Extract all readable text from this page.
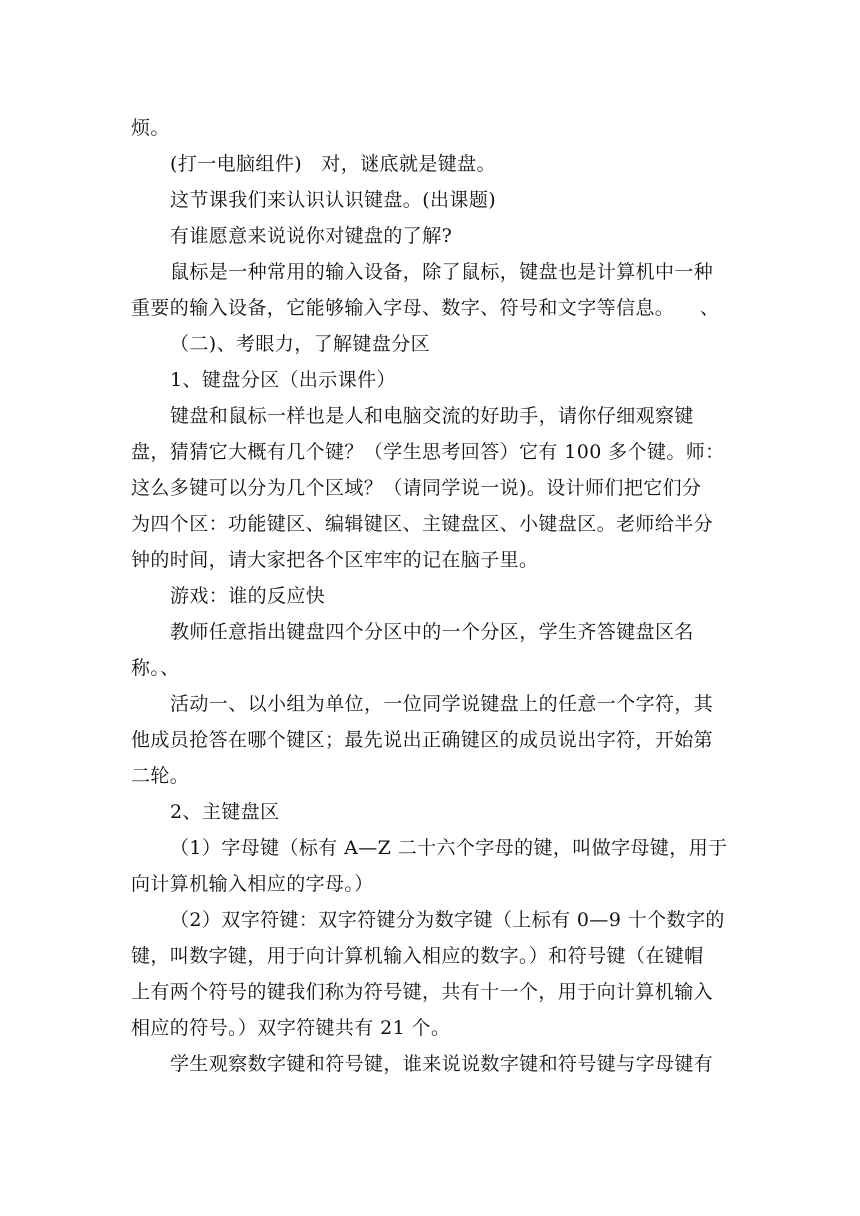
烦。
(打一电脑组件)   对，谜底就是键盘。
这节课我们来认识认识键盘。(出课题)
有谁愿意来说说你对键盘的了解?
鼠标是一种常用的输入设备，除了鼠标，键盘也是计算机中一种
重要的输入设备，它能够输入字母、数字、符号和文字等信息。    、
（二)、考眼力，了解键盘分区
1、键盘分区（出示课件）
键盘和鼠标一样也是人和电脑交流的好助手，请你仔细观察键
盘，猜猜它大概有几个键？（学生思考回答）它有 100 多个键。师：
这么多键可以分为几个区域？（请同学说一说)。设计师们把它们分
为四个区：功能键区、编辑键区、主键盘区、小键盘区。老师给半分
钟的时间，请大家把各个区牢牢的记在脑子里。
游戏：谁的反应快
教师任意指出键盘四个分区中的一个分区，学生齐答键盘区名
称。、
活动一、以小组为单位，一位同学说键盘上的任意一个字符，其
他成员抢答在哪个键区；最先说出正确键区的成员说出字符，开始第
二轮。
2、主键盘区
（1）字母键（标有 A—Z 二十六个字母的键，叫做字母键，用于
向计算机输入相应的字母。）
（2）双字符键：双字符键分为数字键（上标有 0—9 十个数字的
键，叫数字键，用于向计算机输入相应的数字。）和符号键（在键帽
上有两个符号的键我们称为符号键，共有十一个，用于向计算机输入
相应的符号。）双字符键共有 21 个。
学生观察数字键和符号键，谁来说说数字键和符号键与字母键有
